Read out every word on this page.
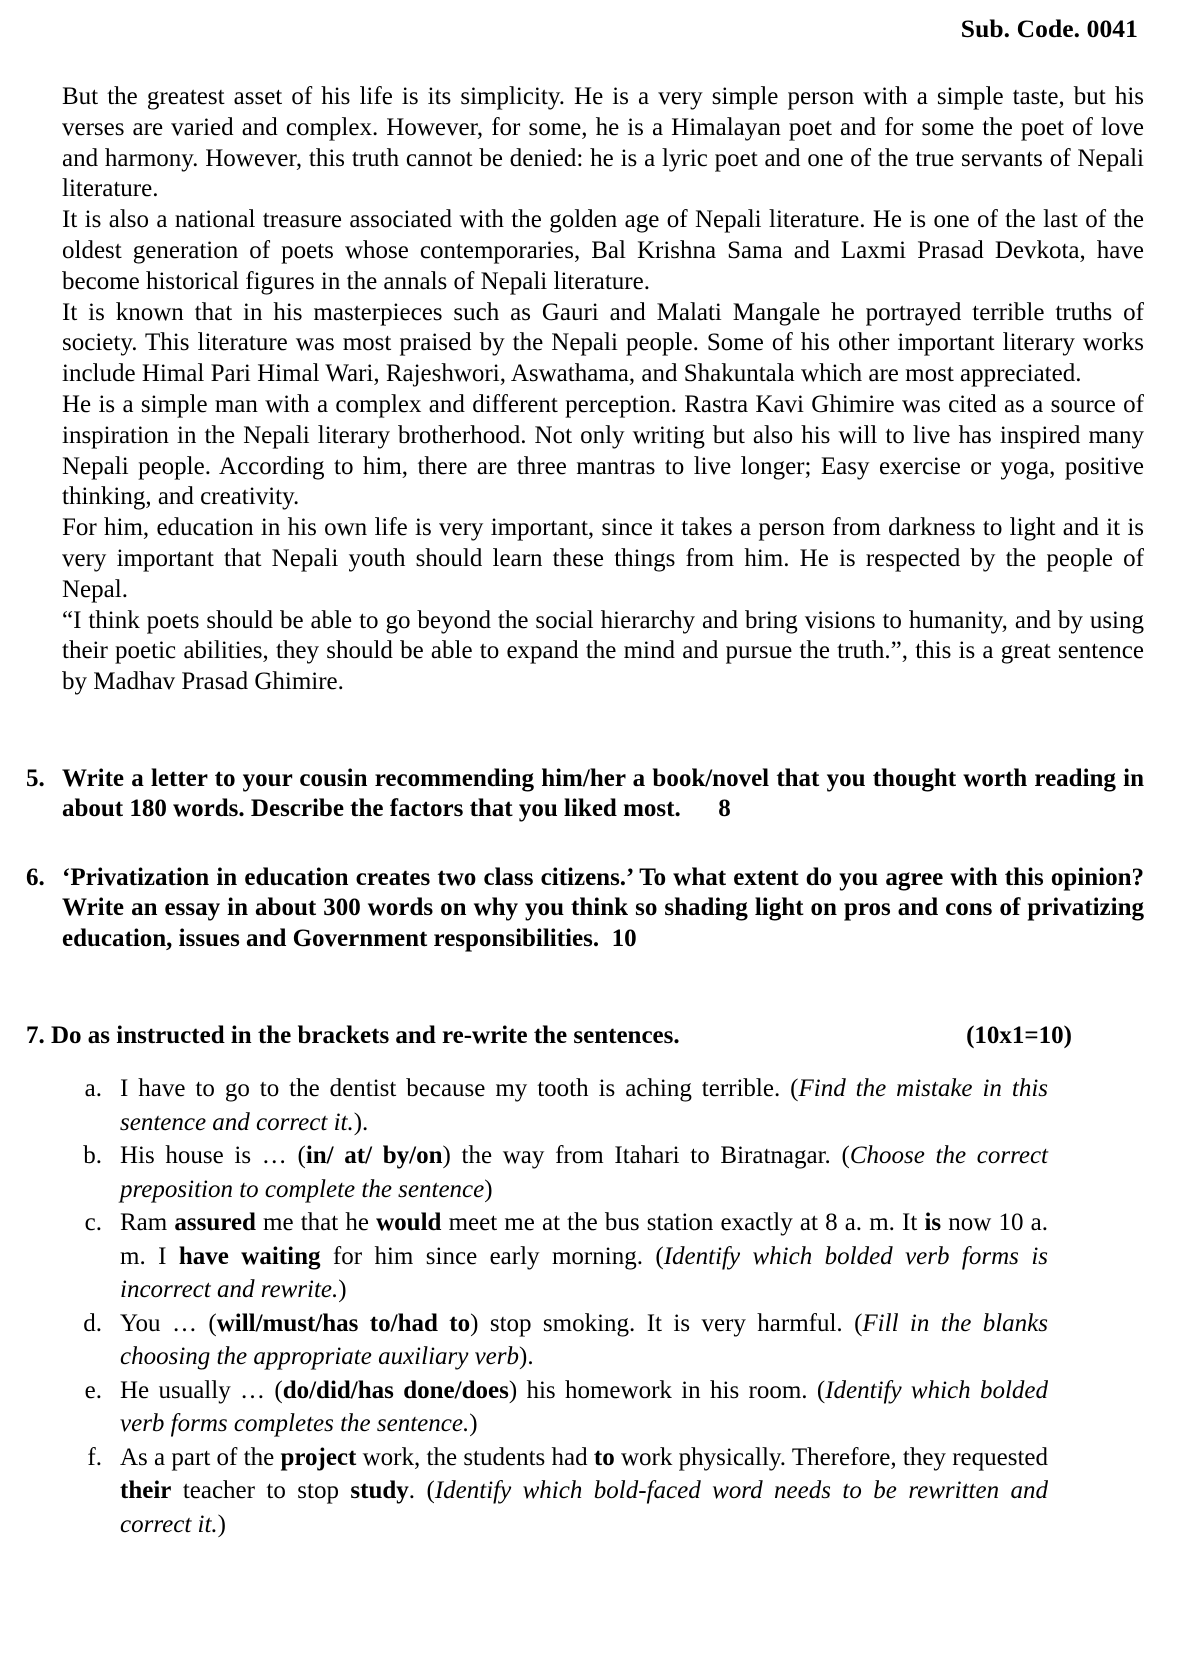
Sub. Code. 0041

But the greatest asset of his life is its simplicity. He is a very simple person with a simple taste, but his verses are varied and complex. However, for some, he is a Himalayan poet and for some the poet of love and harmony. However, this truth cannot be denied: he is a lyric poet and one of the true servants of Nepali literature.

It is also a national treasure associated with the golden age of Nepali literature. He is one of the last of the oldest generation of poets whose contemporaries, Bal Krishna Sama and Laxmi Prasad Devkota, have become historical figures in the annals of Nepali literature.

It is known that in his masterpieces such as Gauri and Malati Mangale he portrayed terrible truths of society. This literature was most praised by the Nepali people. Some of his other important literary works include Himal Pari Himal Wari, Rajeshwori, Aswathama, and Shakuntala which are most appreciated.

He is a simple man with a complex and different perception. Rastra Kavi Ghimire was cited as a source of inspiration in the Nepali literary brotherhood. Not only writing but also his will to live has inspired many Nepali people. According to him, there are three mantras to live longer; Easy exercise or yoga, positive thinking, and creativity.

For him, education in his own life is very important, since it takes a person from darkness to light and it is very important that Nepali youth should learn these things from him. He is respected by the people of Nepal.

“I think poets should be able to go beyond the social hierarchy and bring visions to humanity, and by using their poetic abilities, they should be able to expand the mind and pursue the truth.”, this is a great sentence by Madhav Prasad Ghimire.

5. Write a letter to your cousin recommending him/her a book/novel that you thought worth reading in about 180 words. Describe the factors that you liked most. 8
6. ‘Privatization in education creates two class citizens.’ To what extent do you agree with this opinion? Write an essay in about 300 words on why you think so shading light on pros and cons of privatizing education, issues and Government responsibilities. 10
7. Do as instructed in the brackets and re-write the sentences.	(10x1=10)
a. I have to go to the dentist because my tooth is aching terrible. (Find the mistake in this sentence and correct it.).
b. His house is … (in/ at/ by/on) the way from Itahari to Biratnagar. (Choose the correct preposition to complete the sentence)
c. Ram assured me that he would meet me at the bus station exactly at 8 a. m. It is now 10 a. m. I have waiting for him since early morning. (Identify which bolded verb forms is incorrect and rewrite.)
d. You … (will/must/has to/had to) stop smoking. It is very harmful. (Fill in the blanks choosing the appropriate auxiliary verb).
e. He usually … (do/did/has done/does) his homework in his room. (Identify which bolded verb forms completes the sentence.)
f. As a part of the project work, the students had to work physically. Therefore, they requested their teacher to stop study. (Identify which bold-faced word needs to be rewritten and correct it.)
